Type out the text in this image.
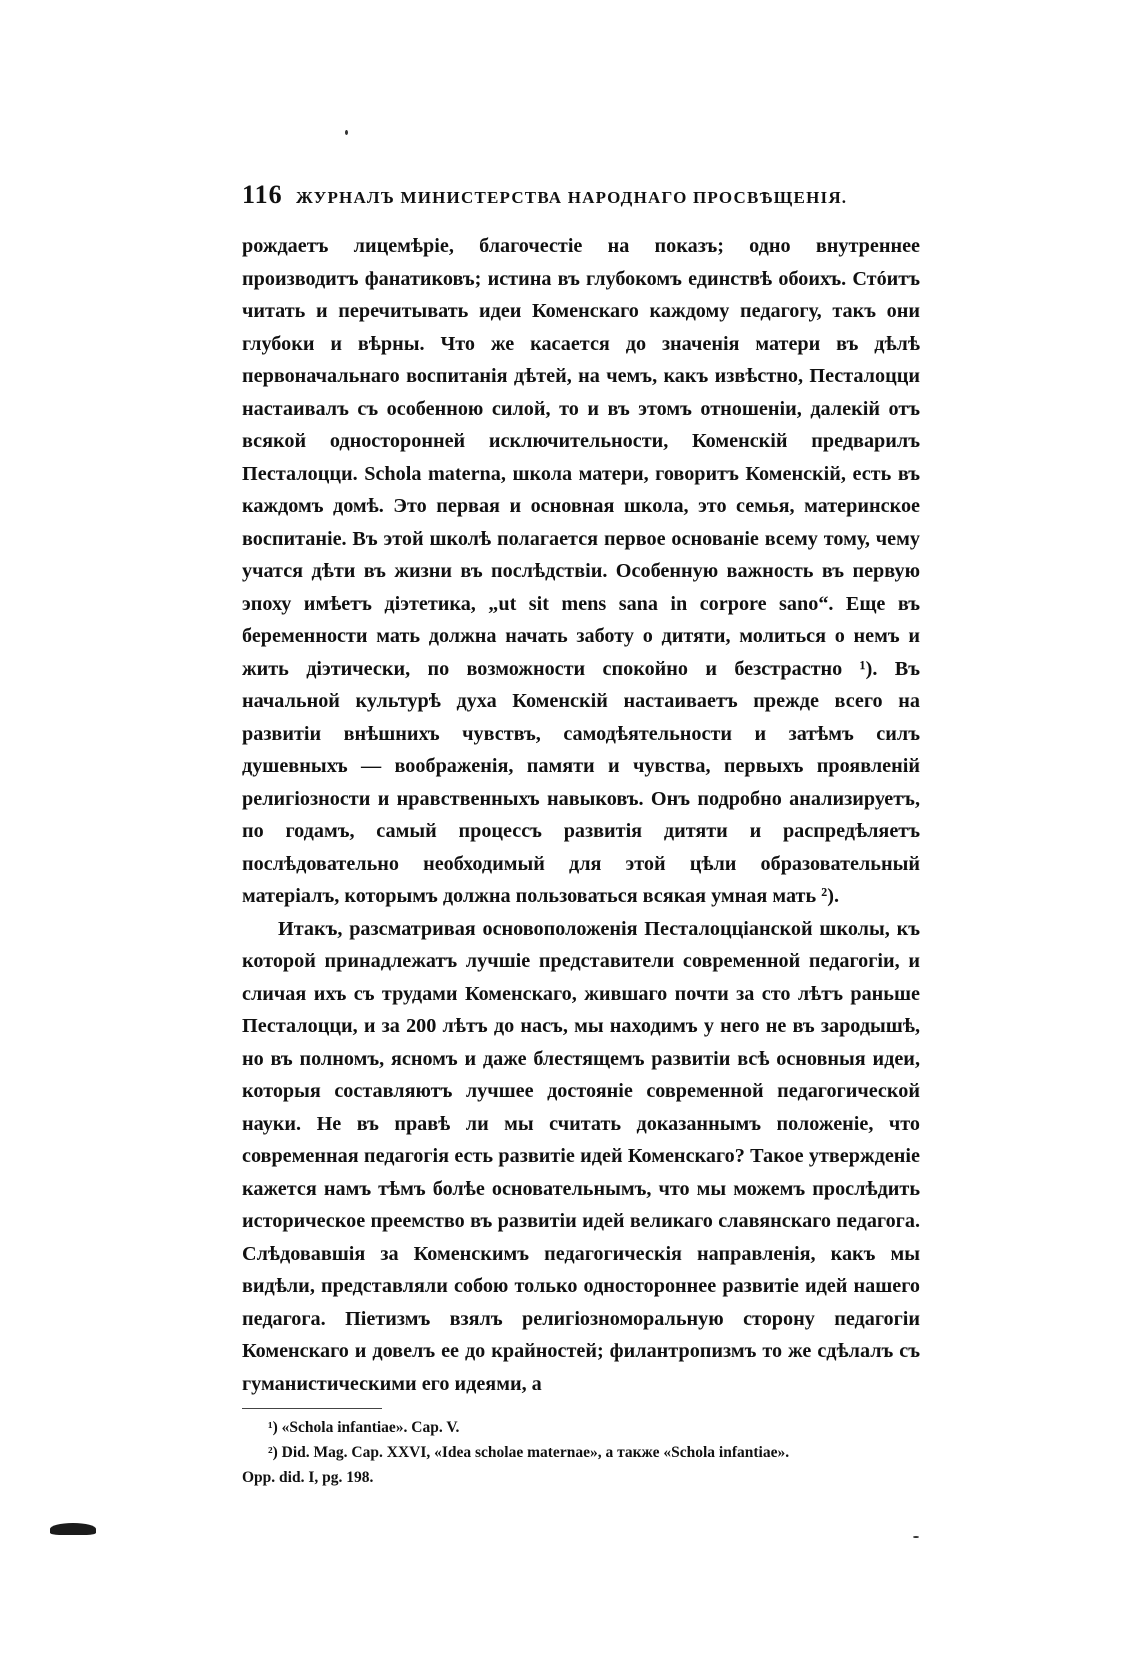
116 ЖУРНАЛЪ МИНИСТЕРСТВА НАРОДНАГО ПРОСВѢЩЕНІЯ.

рождаетъ лицемѣріе, благочестіе на показъ; одно внутреннее производитъ фанатиковъ; истина въ глубокомъ единствѣ обоихъ. Стóитъ читать и перечитывать идеи Коменскаго каждому педагогу, такъ они глубоки и вѣрны. Что же касается до значенія матери въ дѣлѣ первоначальнаго воспитанія дѣтей, на чемъ, какъ извѣстно, Песталоцци настаивалъ съ особенною силой, то и въ этомъ отношеніи, далекій отъ всякой односторонней исключительности, Коменскій предварилъ Песталоцци. Schola materna, школа матери, говоритъ Коменскій, есть въ каждомъ домѣ. Это первая и основная школа, это семья, материнское воспитаніе. Въ этой школѣ полагается первое основаніе всему тому, чему учатся дѣти въ жизни въ послѣдствіи. Особенную важность въ первую эпоху имѣетъ діэтетика, „ut sit mens sana in corpore sano“. Еще въ беременности мать должна начать заботу о дитяти, молиться о немъ и жить діэтически, по возможности спокойно и безстрастно ¹). Въ начальной культурѣ духа Коменскій настаиваетъ прежде всего на развитіи внѣшнихъ чувствъ, самодѣятельности и затѣмъ силъ душевныхъ — воображенія, памяти и чувства, первыхъ проявленій религіозности и нравственныхъ навыковъ. Онъ подробно анализируетъ, по годамъ, самый процессъ развитія дитяти и распредѣляетъ послѣдовательно необходимый для этой цѣли образовательный матеріалъ, которымъ должна пользоваться всякая умная мать ²).

Итакъ, разсматривая основоположенія Песталоцціанской школы, къ которой принадлежатъ лучшіе представители современной педагогіи, и сличая ихъ съ трудами Коменскаго, жившаго почти за сто лѣтъ раньше Песталоцци, и за 200 лѣтъ до насъ, мы находимъ у него не въ зародышѣ, но въ полномъ, ясномъ и даже блестящемъ развитіи всѣ основныя идеи, которыя составляютъ лучшее достояніе современной педагогической науки. Не въ правѣ ли мы считать доказаннымъ положеніе, что современная педагогія есть развитіе идей Коменскаго? Такое утвержденіе кажется намъ тѣмъ болѣе основательнымъ, что мы можемъ прослѣдить историческое преемство въ развитіи идей великаго славянскаго педагога. Слѣдовавшія за Коменскимъ педагогическія направленія, какъ мы видѣли, представляли собою только одностороннее развитіе идей нашего педагога. Піетизмъ взялъ религіозноморальную сторону педагогіи Коменскаго и довелъ ее до крайностей; филантропизмъ то же сдѣлалъ съ гуманистическими его идеями, а

¹) «Schola infantiae». Cap. V.

²) Did. Mag. Cap. XXVI, «Idea scholae maternae», а также «Schola infantiae».
Opp. did. I, pg. 198.
